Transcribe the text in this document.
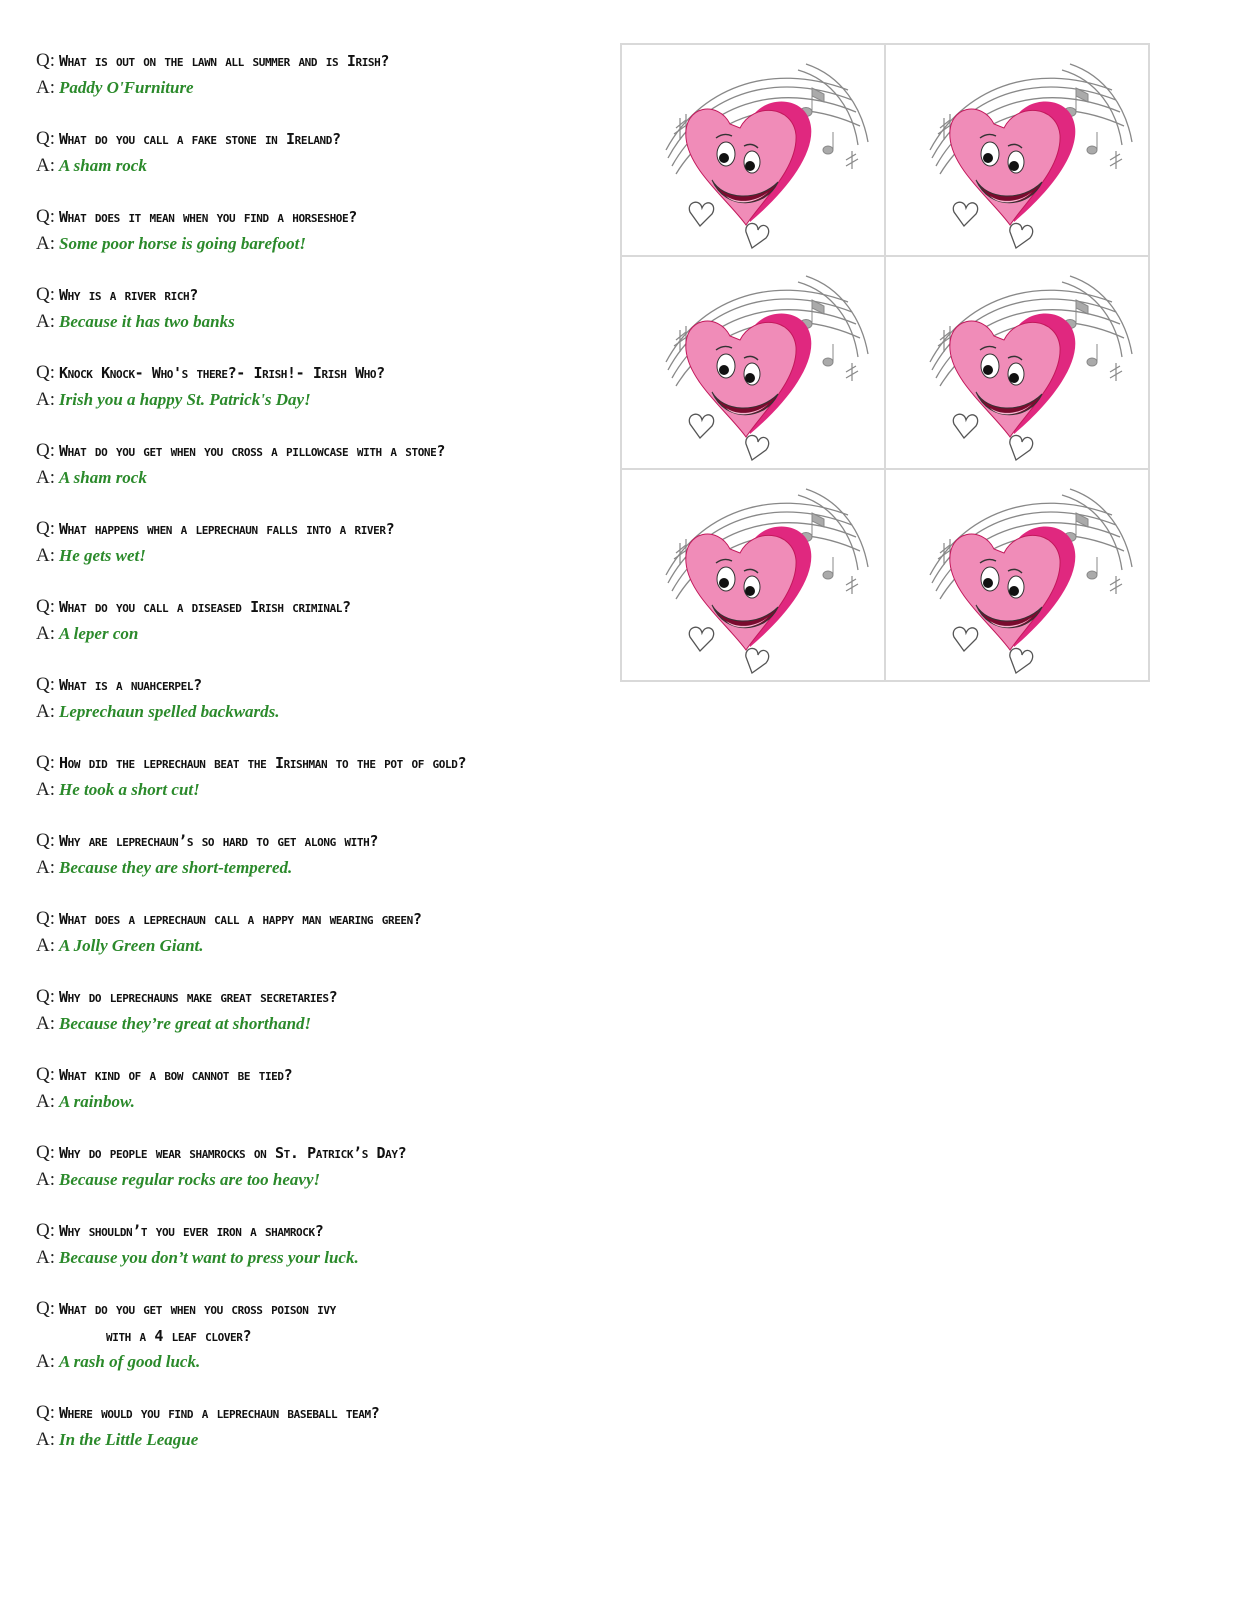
Q: What is out on the lawn all summer and is Irish?
A: Paddy O'Furniture
Q: What do you call a fake stone in Ireland?
A: A sham rock
Q: What does it mean when you find a horseshoe?
A: Some poor horse is going barefoot!
Q: Why is a river rich?
A: Because it has two banks
Q: Knock Knock- Who's there?- Irish!- Irish Who?
A: Irish you a happy St. Patrick's Day!
Q: What do you get when you cross a pillowcase with a stone?
A: A sham rock
Q: What happens when a leprechaun falls into a river?
A: He gets wet!
Q: What do you call a diseased Irish criminal?
A: A leper con
Q: What is a nuahcerpel?
A: Leprechaun spelled backwards.
Q: How did the leprechaun beat the Irishman to the pot of gold?
A: He took a short cut!
Q: Why are leprechaun’s so hard to get along with?
A: Because they are short-tempered.
Q: What does a leprechaun call a happy man wearing green?
A: A Jolly Green Giant.
Q: Why do leprechauns make great secretaries?
A: Because they’re great at shorthand!
Q: What kind of a bow cannot be tied?
A: A rainbow.
Q: Why do people wear shamrocks on St. Patrick’s Day?
A: Because regular rocks are too heavy!
Q: Why shouldn’t you ever iron a shamrock?
A: Because you don’t want to press your luck.
Q: What do you get when you cross poison ivy
with a 4 leaf clover?
A: A rash of good luck.
Q: Where would you find a leprechaun baseball team?
A: In the Little League
